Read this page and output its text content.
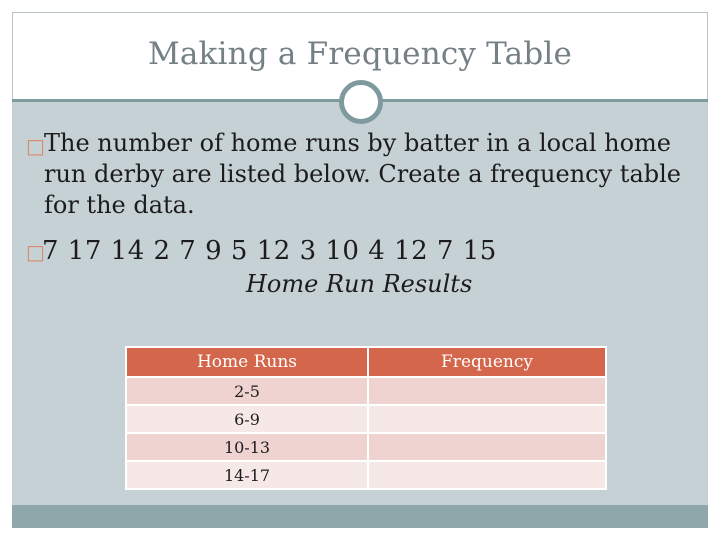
Making a Frequency Table
□ The number of home runs by batter in a local home run derby are listed below. Create a frequency table for the data.
□
7 17 14 2 7 9 5 12 3 10 4 12 7 15
Home Run Results
Home Runs	Frequency
2-5	
6-9	
10-13	
14-17	
